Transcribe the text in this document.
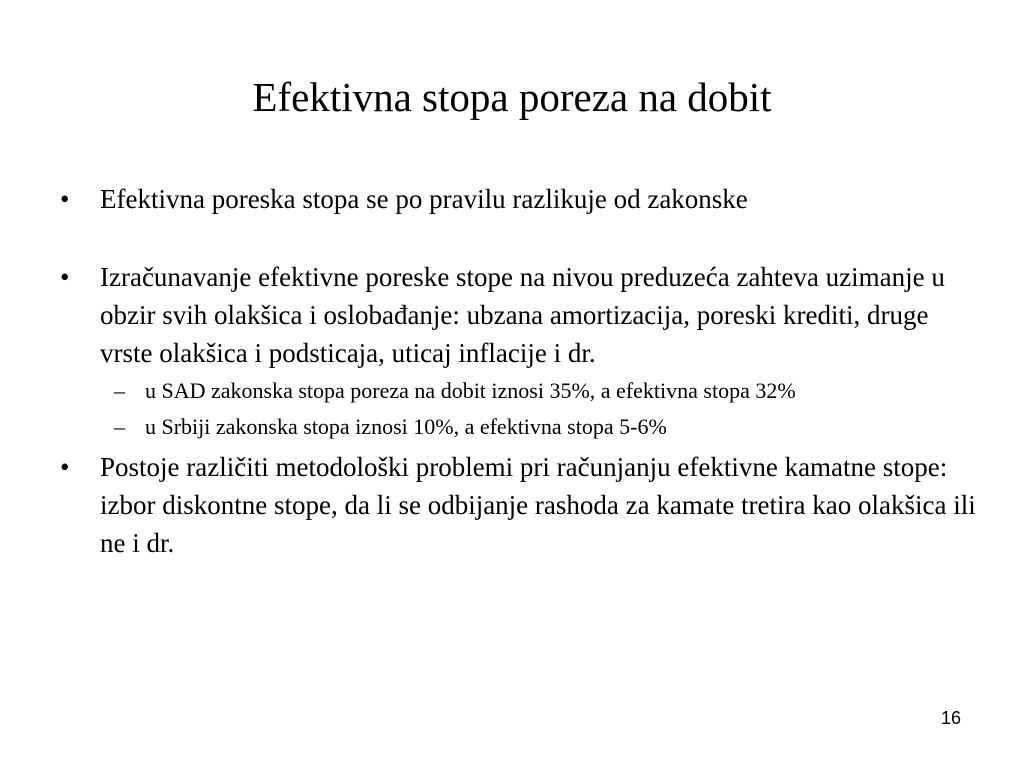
Efektivna stopa poreza na dobit
• Efektivna poreska stopa se po pravilu razlikuje od zakonske
• Izračunavanje efektivne poreske stope na nivou preduzeća zahteva uzimanje u obzir svih olakšica i oslobađanje: ubzana amortizacija, poreski krediti, druge vrste olakšica i podsticaja, uticaj inflacije i dr.
– u SAD zakonska stopa poreza na dobit iznosi 35%, a efektivna stopa 32%
– u Srbiji zakonska stopa iznosi 10%, a efektivna stopa 5-6%
• Postoje različiti metodološki problemi pri računjanju efektivne kamatne stope: izbor diskontne stope, da li se odbijanje rashoda za kamate tretira kao olakšica ili ne i dr.
16
